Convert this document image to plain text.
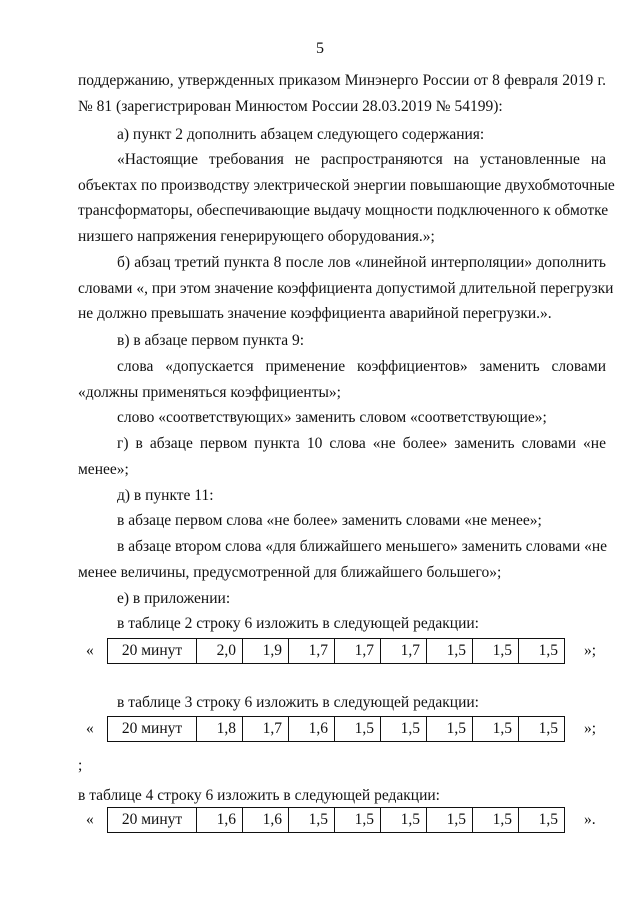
5
поддержанию, утвержденных приказом Минэнерго России от 8 февраля 2019 г.
№ 81 (зарегистрирован Минюстом России 28.03.2019 № 54199):
а) пункт 2 дополнить абзацем следующего содержания:
«Настоящие требования не распространяются на установленные на
объектах по производству электрической энергии повышающие двухобмоточные
трансформаторы, обеспечивающие выдачу мощности подключенного к обмотке
низшего напряжения генерирующего оборудования.»;
б) абзац третий пункта 8 после лов «линейной интерполяции» дополнить
словами «, при этом значение коэффициента допустимой длительной перегрузки
не должно превышать значение коэффициента аварийной перегрузки.».
в) в абзаце первом пункта 9:
слова «допускается применение коэффициентов» заменить словами
«должны применяться коэффициенты»;
слово «соответствующих» заменить словом «соответствующие»;
г) в абзаце первом пункта 10 слова «не более» заменить словами «не
менее»;
д) в пункте 11:
в абзаце первом слова «не более» заменить словами «не менее»;
в абзаце втором слова «для ближайшего меньшего» заменить словами «не
менее величины, предусмотренной для ближайшего большего»;
е) в приложении:
в таблице 2 строку 6 изложить в следующей редакции:
« 20 минут	2,0	1,9	1,7	1,7	1,7	1,5	1,5	1,5 »;
в таблице 3 строку 6 изложить в следующей редакции:
« 20 минут	1,8	1,7	1,6	1,5	1,5	1,5	1,5	1,5 »;
;
в таблице 4 строку 6 изложить в следующей редакции:
« 20 минут	1,6	1,6	1,5	1,5	1,5	1,5	1,5	1,5 ».
